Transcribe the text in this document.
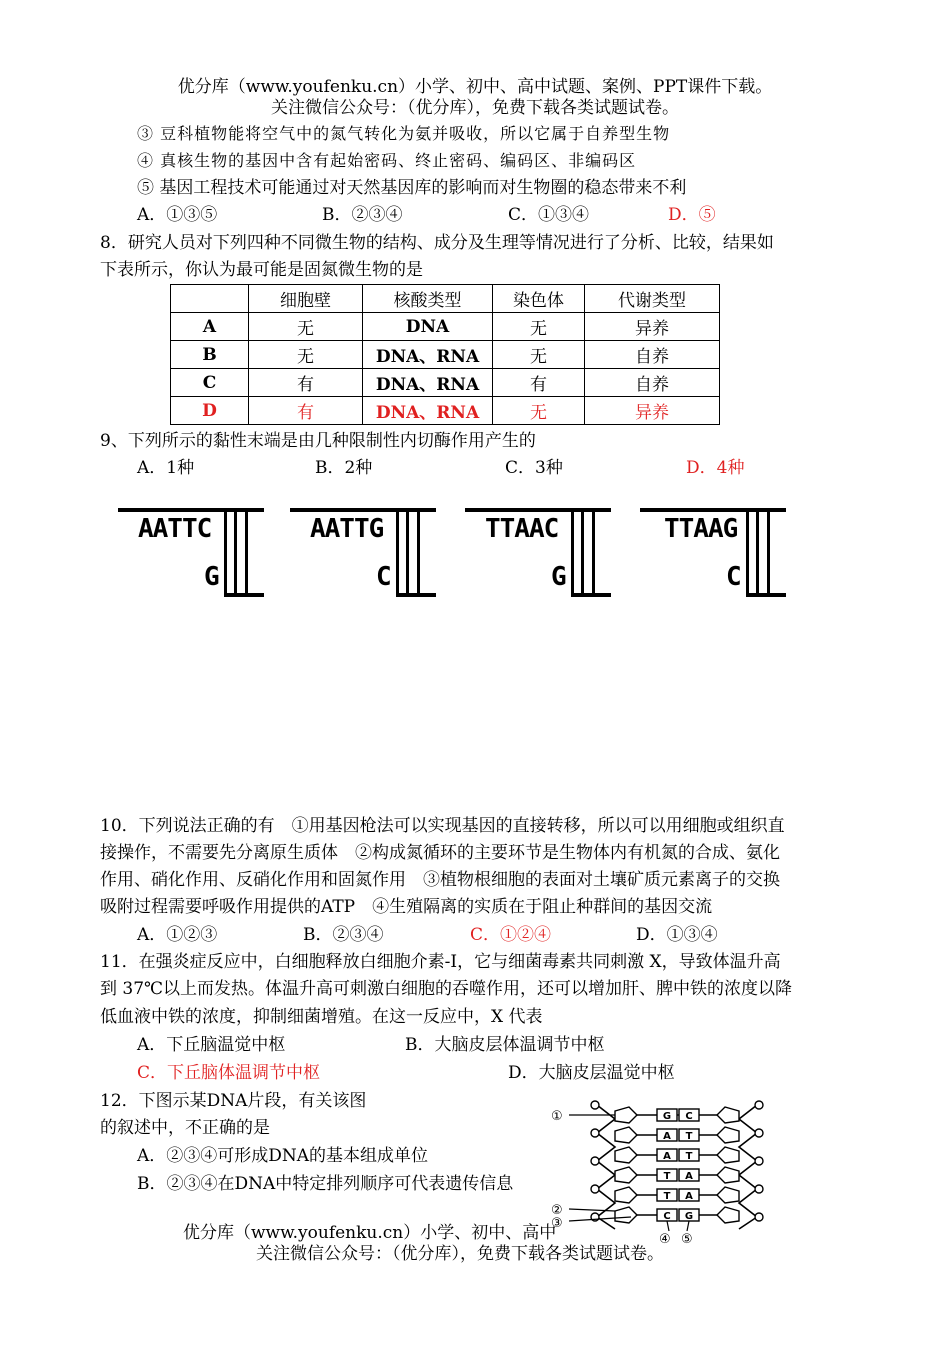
优分库（www.youfenku.cn）小学、初中、高中试题、案例、PPT课件下载。
关注微信公众号：（优分库），免费下载各类试题试卷。
③ 豆科植物能将空气中的氮气转化为氨并吸收，所以它属于自养型生物
④ 真核生物的基因中含有起始密码、终止密码、编码区、非编码区
⑤ 基因工程技术可能通过对天然基因库的影响而对生物圈的稳态带来不利
A．①③⑤	B．②③④	C．①③④	D．⑤
8．研究人员对下列四种不同微生物的结构、成分及生理等情况进行了分析、比较，结果如
下表所示，你认为最可能是固氮微生物的是
	细胞壁	核酸类型	染色体	代谢类型
A	无	DNA	无	异养
B	无	DNA、RNA	无	自养
C	有	DNA、RNA	有	自养
D	有	DNA、RNA	无	异养
9、下列所示的黏性末端是由几种限制性内切酶作用产生的
A．1种	B．2种	C．3种	D．4种
AATTC
G
AATTG
C
TTAAC
G
TTAAG
C
10．下列说法正确的有　①用基因枪法可以实现基因的直接转移，所以可以用细胞或组织直
接操作，不需要先分离原生质体　②构成氮循环的主要环节是生物体内有机氮的合成、氨化
作用、硝化作用、反硝化作用和固氮作用　③植物根细胞的表面对土壤矿质元素离子的交换
吸附过程需要呼吸作用提供的ATP　④生殖隔离的实质在于阻止种群间的基因交流
A．①②③	B．②③④	C．①②④	D．①③④
11．在强炎症反应中，白细胞释放白细胞介素-I，它与细菌毒素共同刺激 X，导致体温升高
到 37℃以上而发热。体温升高可刺激白细胞的吞噬作用，还可以增加肝、脾中铁的浓度以降
低血液中铁的浓度，抑制细菌增殖。在这一反应中，X 代表
A．下丘脑温觉中枢	B．大脑皮层体温调节中枢
C．下丘脑体温调节中枢	D．大脑皮层温觉中枢
12．下图示某DNA片段，有关该图
的叙述中，不正确的是
A．②③④可形成DNA的基本组成单位
B．②③④在DNA中特定排列顺序可代表遗传信息
G C
A T
A T
T A
T A
C G
①
②
③
④ ⑤
优分库（www.youfenku.cn）小学、初中、高中
关注微信公众号：（优分库），免费下载各类试题试卷。
